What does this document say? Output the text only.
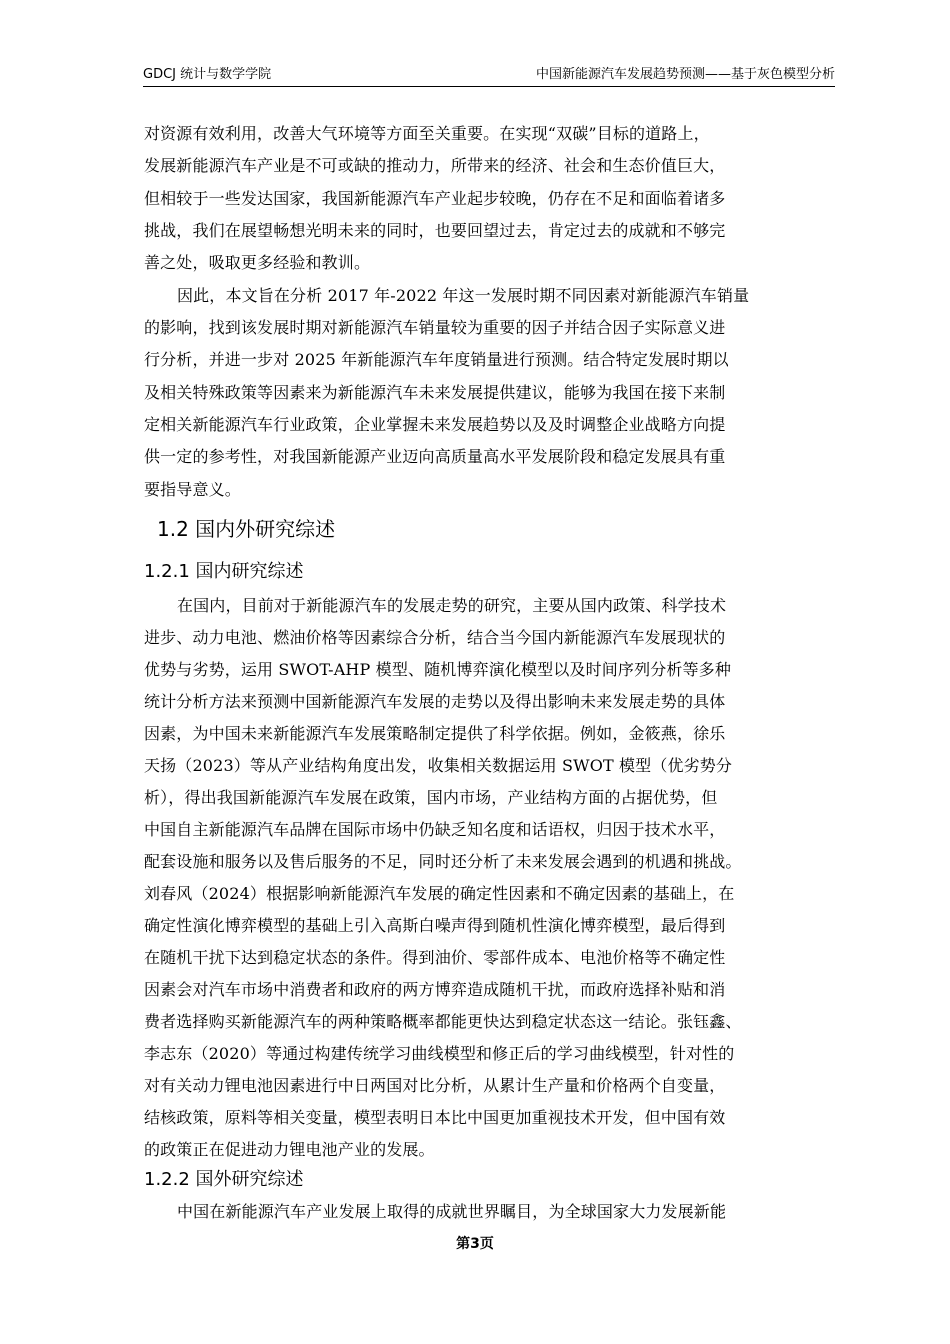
GDCJ 统计与数学学院	中国新能源汽车发展趋势预测——基于灰色模型分析
对资源有效利用，改善大气环境等方面至关重要。在实现“双碳”目标的道路上，
发展新能源汽车产业是不可或缺的推动力，所带来的经济、社会和生态价值巨大，
但相较于一些发达国家，我国新能源汽车产业起步较晚，仍存在不足和面临着诸多
挑战，我们在展望畅想光明未来的同时，也要回望过去，肯定过去的成就和不够完
善之处，吸取更多经验和教训。
因此，本文旨在分析 2017 年-2022 年这一发展时期不同因素对新能源汽车销量
的影响，找到该发展时期对新能源汽车销量较为重要的因子并结合因子实际意义进
行分析，并进一步对 2025 年新能源汽车年度销量进行预测。结合特定发展时期以
及相关特殊政策等因素来为新能源汽车未来发展提供建议，能够为我国在接下来制
定相关新能源汽车行业政策，企业掌握未来发展趋势以及及时调整企业战略方向提
供一定的参考性，对我国新能源产业迈向高质量高水平发展阶段和稳定发展具有重
要指导意义。
1.2 国内外研究综述
1.2.1 国内研究综述
在国内，目前对于新能源汽车的发展走势的研究，主要从国内政策、科学技术
进步、动力电池、燃油价格等因素综合分析，结合当今国内新能源汽车发展现状的
优势与劣势，运用 SWOT-AHP 模型、随机博弈演化模型以及时间序列分析等多种
统计分析方法来预测中国新能源汽车发展的走势以及得出影响未来发展走势的具体
因素，为中国未来新能源汽车发展策略制定提供了科学依据。例如，金筱燕，徐乐
天扬（2023）等从产业结构角度出发，收集相关数据运用 SWOT 模型（优劣势分
析），得出我国新能源汽车发展在政策，国内市场，产业结构方面的占据优势，但
中国自主新能源汽车品牌在国际市场中仍缺乏知名度和话语权，归因于技术水平，
配套设施和服务以及售后服务的不足，同时还分析了未来发展会遇到的机遇和挑战。
刘春风（2024）根据影响新能源汽车发展的确定性因素和不确定因素的基础上，在
确定性演化博弈模型的基础上引入高斯白噪声得到随机性演化博弈模型，最后得到
在随机干扰下达到稳定状态的条件。得到油价、零部件成本、电池价格等不确定性
因素会对汽车市场中消费者和政府的两方博弈造成随机干扰，而政府选择补贴和消
费者选择购买新能源汽车的两种策略概率都能更快达到稳定状态这一结论。张钰鑫、
李志东（2020）等通过构建传统学习曲线模型和修正后的学习曲线模型，针对性的
对有关动力锂电池因素进行中日两国对比分析，从累计生产量和价格两个自变量，
结核政策，原料等相关变量，模型表明日本比中国更加重视技术开发，但中国有效
的政策正在促进动力锂电池产业的发展。
1.2.2 国外研究综述
中国在新能源汽车产业发展上取得的成就世界瞩目，为全球国家大力发展新能
第3页
